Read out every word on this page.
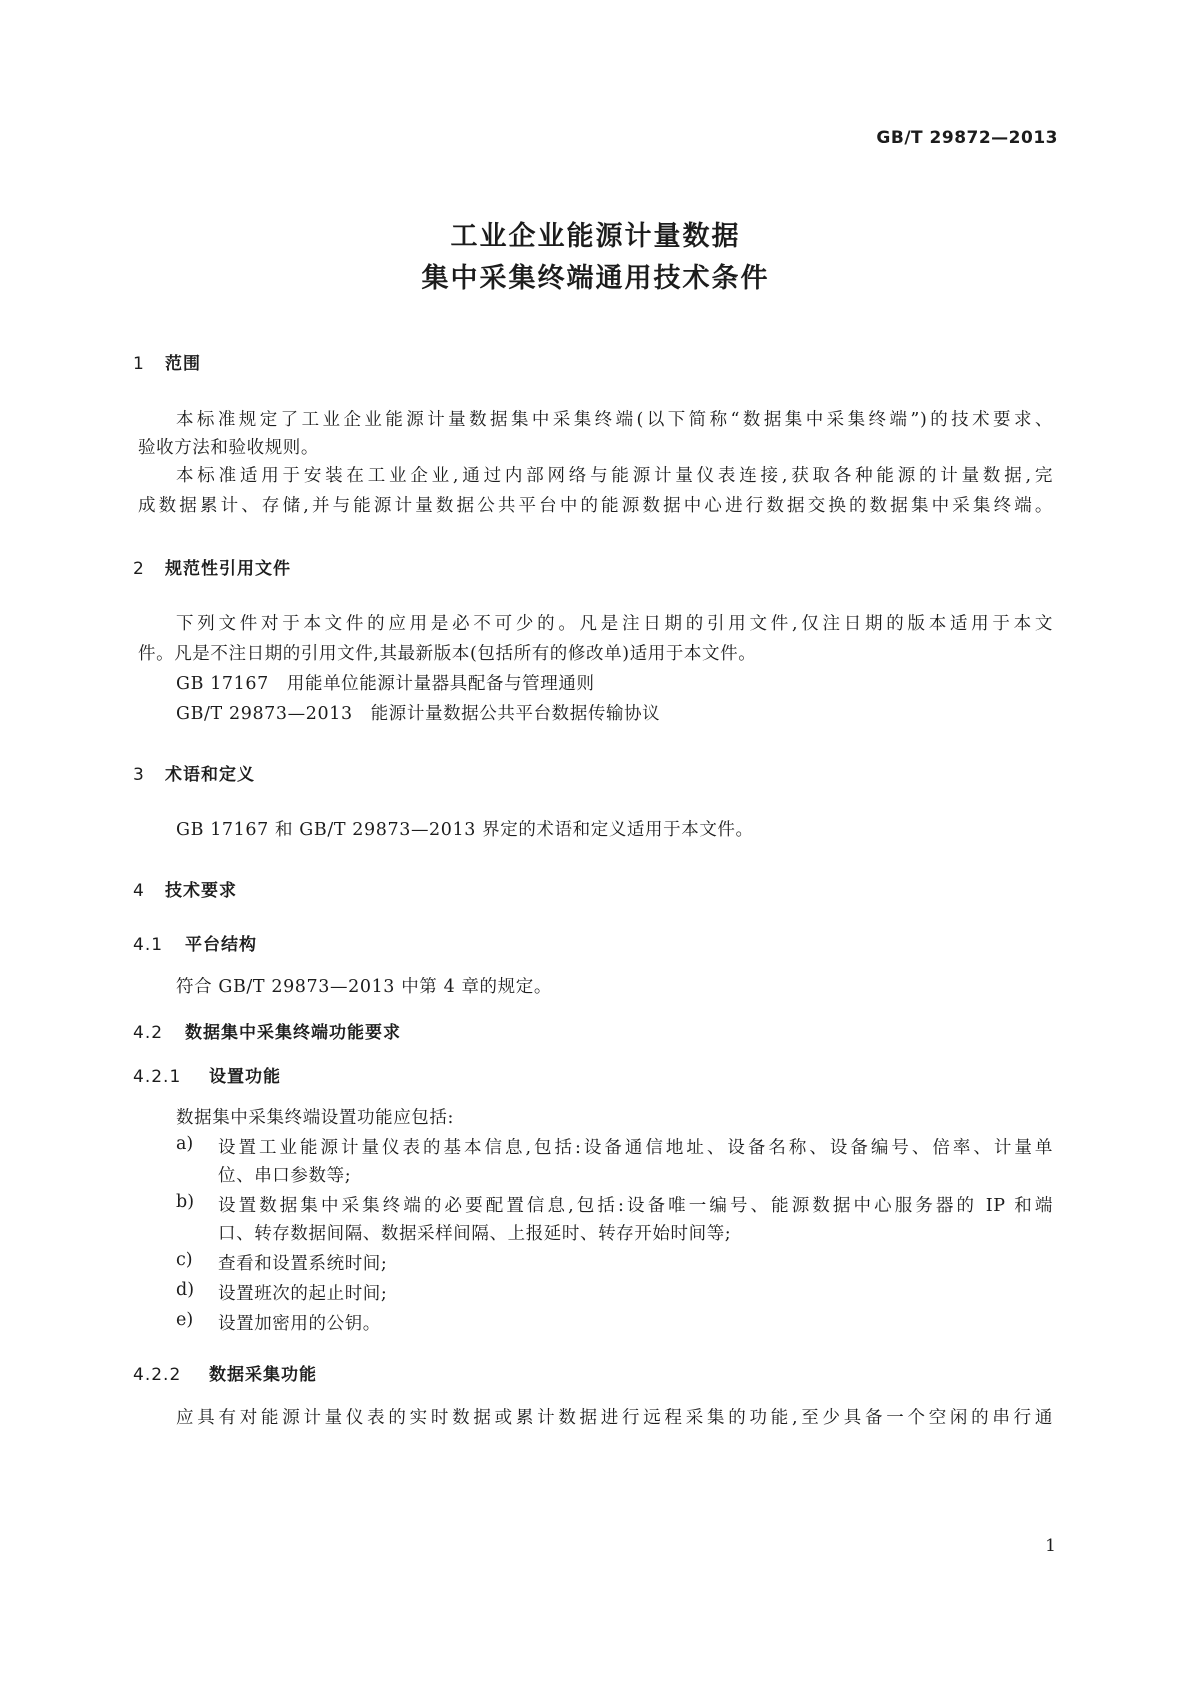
GB/T 29872—2013
工业企业能源计量数据
集中采集终端通用技术条件
1 范围
本标准规定了工业企业能源计量数据集中采集终端(以下简称“数据集中采集终端”)的技术要求、
验收方法和验收规则。
本标准适用于安装在工业企业,通过内部网络与能源计量仪表连接,获取各种能源的计量数据,完
成数据累计、存储,并与能源计量数据公共平台中的能源数据中心进行数据交换的数据集中采集终端。
2 规范性引用文件
下列文件对于本文件的应用是必不可少的。凡是注日期的引用文件,仅注日期的版本适用于本文
件。凡是不注日期的引用文件,其最新版本(包括所有的修改单)适用于本文件。
GB 17167 用能单位能源计量器具配备与管理通则
GB/T 29873—2013 能源计量数据公共平台数据传输协议
3 术语和定义
GB 17167 和 GB/T 29873—2013 界定的术语和定义适用于本文件。
4 技术要求
4.1 平台结构
符合 GB/T 29873—2013 中第 4 章的规定。
4.2 数据集中采集终端功能要求
4.2.1 设置功能
数据集中采集终端设置功能应包括:
a) 设置工业能源计量仪表的基本信息,包括:设备通信地址、设备名称、设备编号、倍率、计量单
位、串口参数等;
b) 设置数据集中采集终端的必要配置信息,包括:设备唯一编号、能源数据中心服务器的 IP 和端
口、转存数据间隔、数据采样间隔、上报延时、转存开始时间等;
c) 查看和设置系统时间;
d) 设置班次的起止时间;
e) 设置加密用的公钥。
4.2.2 数据采集功能
应具有对能源计量仪表的实时数据或累计数据进行远程采集的功能,至少具备一个空闲的串行通
1
